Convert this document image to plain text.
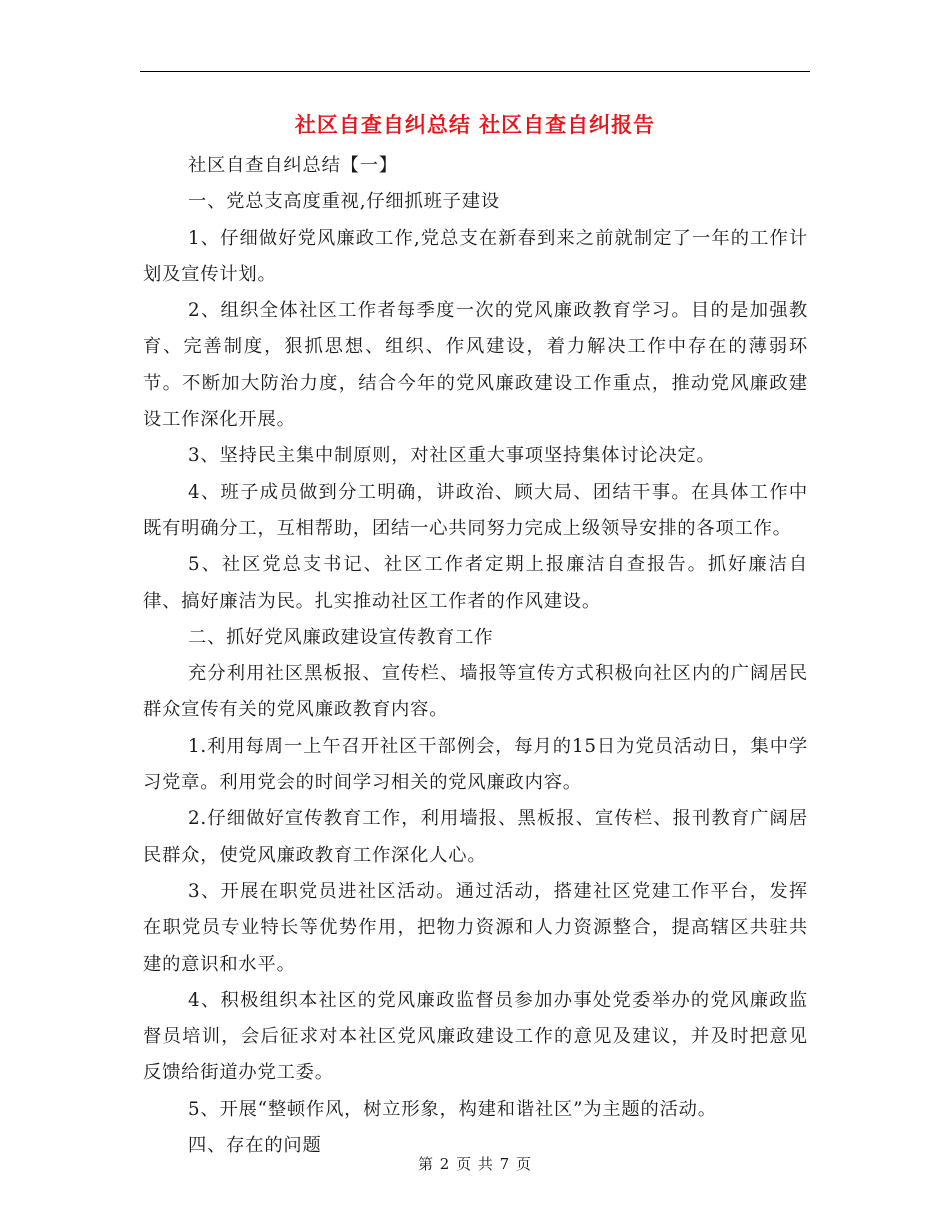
社区自查自纠总结 社区自查自纠报告

社区自查自纠总结【一】

一、党总支高度重视,仔细抓班子建设

1、仔细做好党风廉政工作,党总支在新春到来之前就制定了一年的工作计划及宣传计划。

2、组织全体社区工作者每季度一次的党风廉政教育学习。目的是加强教育、完善制度，狠抓思想、组织、作风建设，着力解决工作中存在的薄弱环节。不断加大防治力度，结合今年的党风廉政建设工作重点，推动党风廉政建设工作深化开展。

3、坚持民主集中制原则，对社区重大事项坚持集体讨论决定。

4、班子成员做到分工明确，讲政治、顾大局、团结干事。在具体工作中既有明确分工，互相帮助，团结一心共同努力完成上级领导安排的各项工作。

5、社区党总支书记、社区工作者定期上报廉洁自查报告。抓好廉洁自律、搞好廉洁为民。扎实推动社区工作者的作风建设。

二、抓好党风廉政建设宣传教育工作

充分利用社区黑板报、宣传栏、墙报等宣传方式积极向社区内的广阔居民群众宣传有关的党风廉政教育内容。

1.利用每周一上午召开社区干部例会，每月的15日为党员活动日，集中学习党章。利用党会的时间学习相关的党风廉政内容。

2.仔细做好宣传教育工作，利用墙报、黑板报、宣传栏、报刊教育广阔居民群众，使党风廉政教育工作深化人心。

3、开展在职党员进社区活动。通过活动，搭建社区党建工作平台，发挥在职党员专业特长等优势作用，把物力资源和人力资源整合，提高辖区共驻共建的意识和水平。

4、积极组织本社区的党风廉政监督员参加办事处党委举办的党风廉政监督员培训，会后征求对本社区党风廉政建设工作的意见及建议，并及时把意见反馈给街道办党工委。

5、开展“整顿作风，树立形象，构建和谐社区”为主题的活动。

四、存在的问题

第 2 页 共 7 页
